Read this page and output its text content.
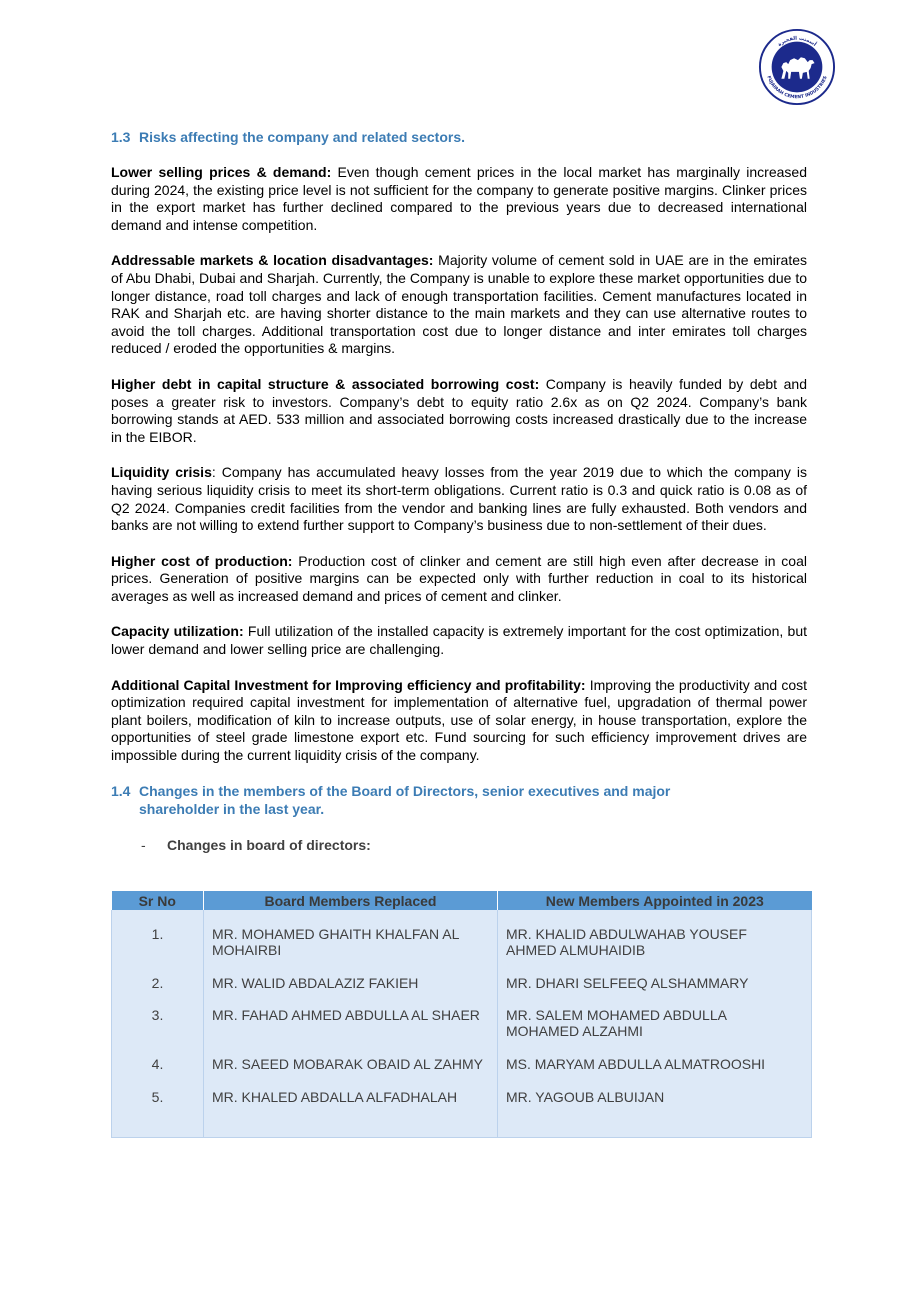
أسمنت الفجيرة
FUJAIRAH CEMENT INDUSTRIES
1.3 Risks affecting the company and related sectors.

Lower selling prices & demand: Even though cement prices in the local market has marginally increased during 2024, the existing price level is not sufficient for the company to generate positive margins. Clinker prices in the export market has further declined compared to the previous years due to decreased international demand and intense competition.

Addressable markets & location disadvantages: Majority volume of cement sold in UAE are in the emirates of Abu Dhabi, Dubai and Sharjah. Currently, the Company is unable to explore these market opportunities due to longer distance, road toll charges and lack of enough transportation facilities. Cement manufactures located in RAK and Sharjah etc. are having shorter distance to the main markets and they can use alternative routes to avoid the toll charges. Additional transportation cost due to longer distance and inter emirates toll charges reduced / eroded the opportunities & margins.

Higher debt in capital structure & associated borrowing cost: Company is heavily funded by debt and poses a greater risk to investors. Company’s debt to equity ratio 2.6x as on Q2 2024. Company’s bank borrowing stands at AED. 533 million and associated borrowing costs increased drastically due to the increase in the EIBOR.

Liquidity crisis: Company has accumulated heavy losses from the year 2019 due to which the company is having serious liquidity crisis to meet its short-term obligations. Current ratio is 0.3 and quick ratio is 0.08 as of Q2 2024. Companies credit facilities from the vendor and banking lines are fully exhausted. Both vendors and banks are not willing to extend further support to Company’s business due to non-settlement of their dues.

Higher cost of production: Production cost of clinker and cement are still high even after decrease in coal prices. Generation of positive margins can be expected only with further reduction in coal to its historical averages as well as increased demand and prices of cement and clinker.

Capacity utilization: Full utilization of the installed capacity is extremely important for the cost optimization, but lower demand and lower selling price are challenging.

Additional Capital Investment for Improving efficiency and profitability: Improving the productivity and cost optimization required capital investment for implementation of alternative fuel, upgradation of thermal power plant boilers, modification of kiln to increase outputs, use of solar energy, in house transportation, explore the opportunities of steel grade limestone export etc. Fund sourcing for such efficiency improvement drives are impossible during the current liquidity crisis of the company.

1.4 Changes in the members of the Board of Directors, senior executives and major
shareholder in the last year.
-	Changes in board of directors:
Sr No	Board Members Replaced	New Members Appointed in 2023
1.	MR. MOHAMED GHAITH KHALFAN AL MOHAIRBI	MR. KHALID ABDULWAHAB YOUSEF AHMED ALMUHAIDIB
2.	MR. WALID ABDALAZIZ FAKIEH	MR. DHARI SELFEEQ ALSHAMMARY
3.	MR. FAHAD AHMED ABDULLA AL SHAER	MR. SALEM MOHAMED ABDULLA MOHAMED ALZAHMI
4.	MR. SAEED MOBARAK OBAID AL ZAHMY	MS. MARYAM ABDULLA ALMATROOSHI
5.	MR. KHALED ABDALLA ALFADHALAH	MR. YAGOUB ALBUIJAN
